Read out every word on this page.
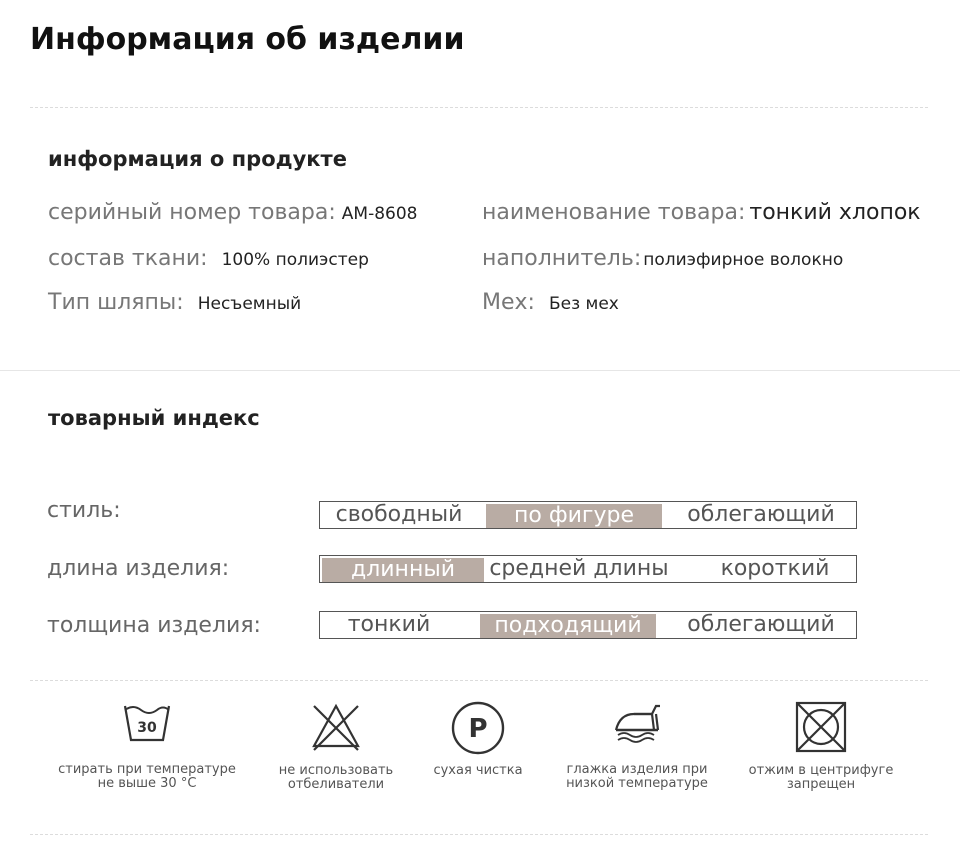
Информация об изделии
информация о продукте
серийный номер товара: AM-8608	наименование товара: тонкий хлопок
состав ткани: 100% полиэстер	наполнитель: полиэфирное волокно
Тип шляпы: Несъемный	Мех: Без мех
товарный индекс
стиль:	свободный	по фигуре	облегающий
длина изделия:	длинный	средней длины	короткий
толщина изделия:	тонкий	подходящий	облегающий
30
стирать при температуре
не выше 30 °C
не использовать
отбеливатели
P
сухая чистка	глажка изделия при
низкой температуре
отжим в центрифуге
запрещен
